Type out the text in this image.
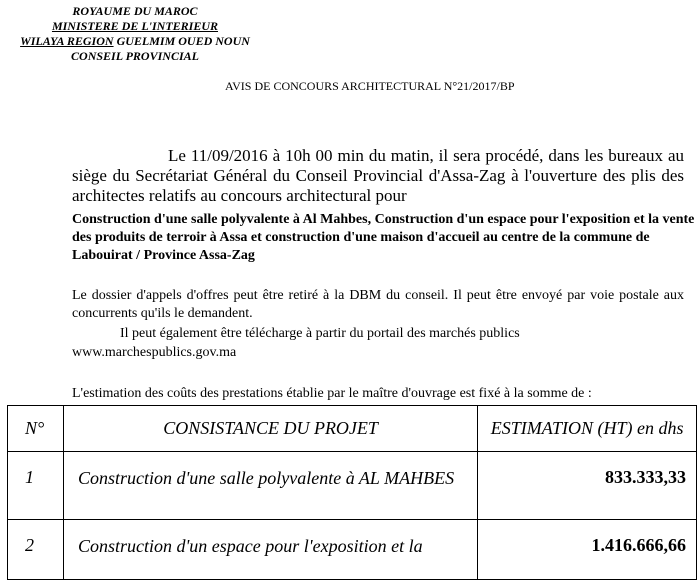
ROYAUME DU MAROC
MINISTERE DE L'INTERIEUR
WILAYA REGION GUELMIM OUED NOUN
CONSEIL PROVINCIAL
AVIS DE CONCOURS ARCHITECTURAL N°21/2017/BP
Le 11/09/2016 à 10h 00 min du matin, il sera procédé, dans les bureaux au siège du Secrétariat Général du Conseil Provincial d'Assa-Zag à l'ouverture des plis des architectes relatifs au concours architectural pour
Construction d'une salle polyvalente à Al Mahbes, Construction d'un espace pour l'exposition et la vente des produits de terroir à Assa et construction d'une maison d'accueil au centre de la commune de Labouirat / Province Assa-Zag
Le dossier d'appels d'offres peut être retiré à la DBM du conseil. Il peut être envoyé par voie postale aux concurrents qu'ils le demandent.
Il peut également être télécharge à partir du portail des marchés publics
www.marchespublics.gov.ma
L'estimation des coûts des prestations établie par le maître d'ouvrage est fixé à la somme de :
N°	CONSISTANCE DU PROJET	ESTIMATION (HT) en dhs
1	Construction d'une salle polyvalente à AL MAHBES	833.333,33
2	Construction d'un espace pour l'exposition et la	1.416.666,66
